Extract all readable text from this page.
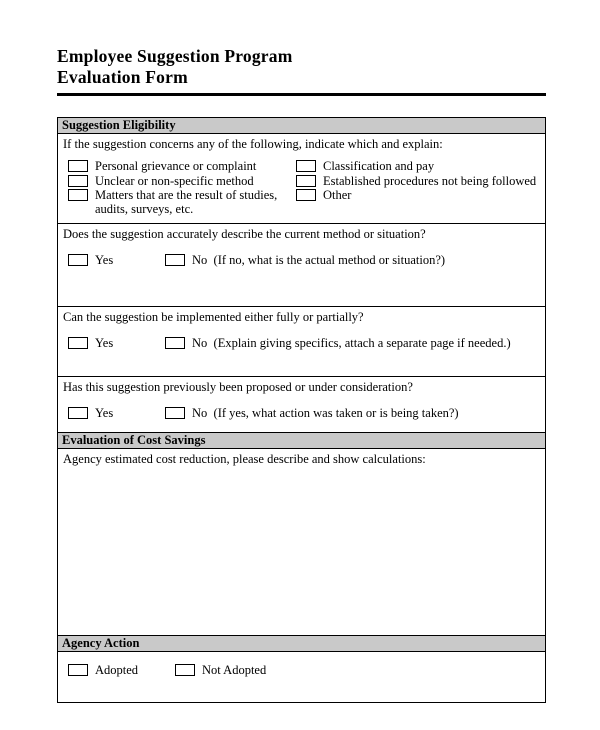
Employee Suggestion Program
Evaluation Form
Suggestion Eligibility

If the suggestion concerns any of the following, indicate which and explain:

Personal grievance or complaint
Unclear or non-specific method
Matters that are the result of studies, audits, surveys, etc.
Classification and pay
Established procedures not being followed
Other

Does the suggestion accurately describe the current method or situation?

Yes	No  (If no, what is the actual method or situation?)

Can the suggestion be implemented either fully or partially?

Yes	No  (Explain giving specifics, attach a separate page if needed.)

Has this suggestion previously been proposed or under consideration?

Yes	No  (If yes, what action was taken or is being taken?)
Evaluation of Cost Savings

Agency estimated cost reduction, please describe and show calculations:

Agency Action
Adopted	Not Adopted
